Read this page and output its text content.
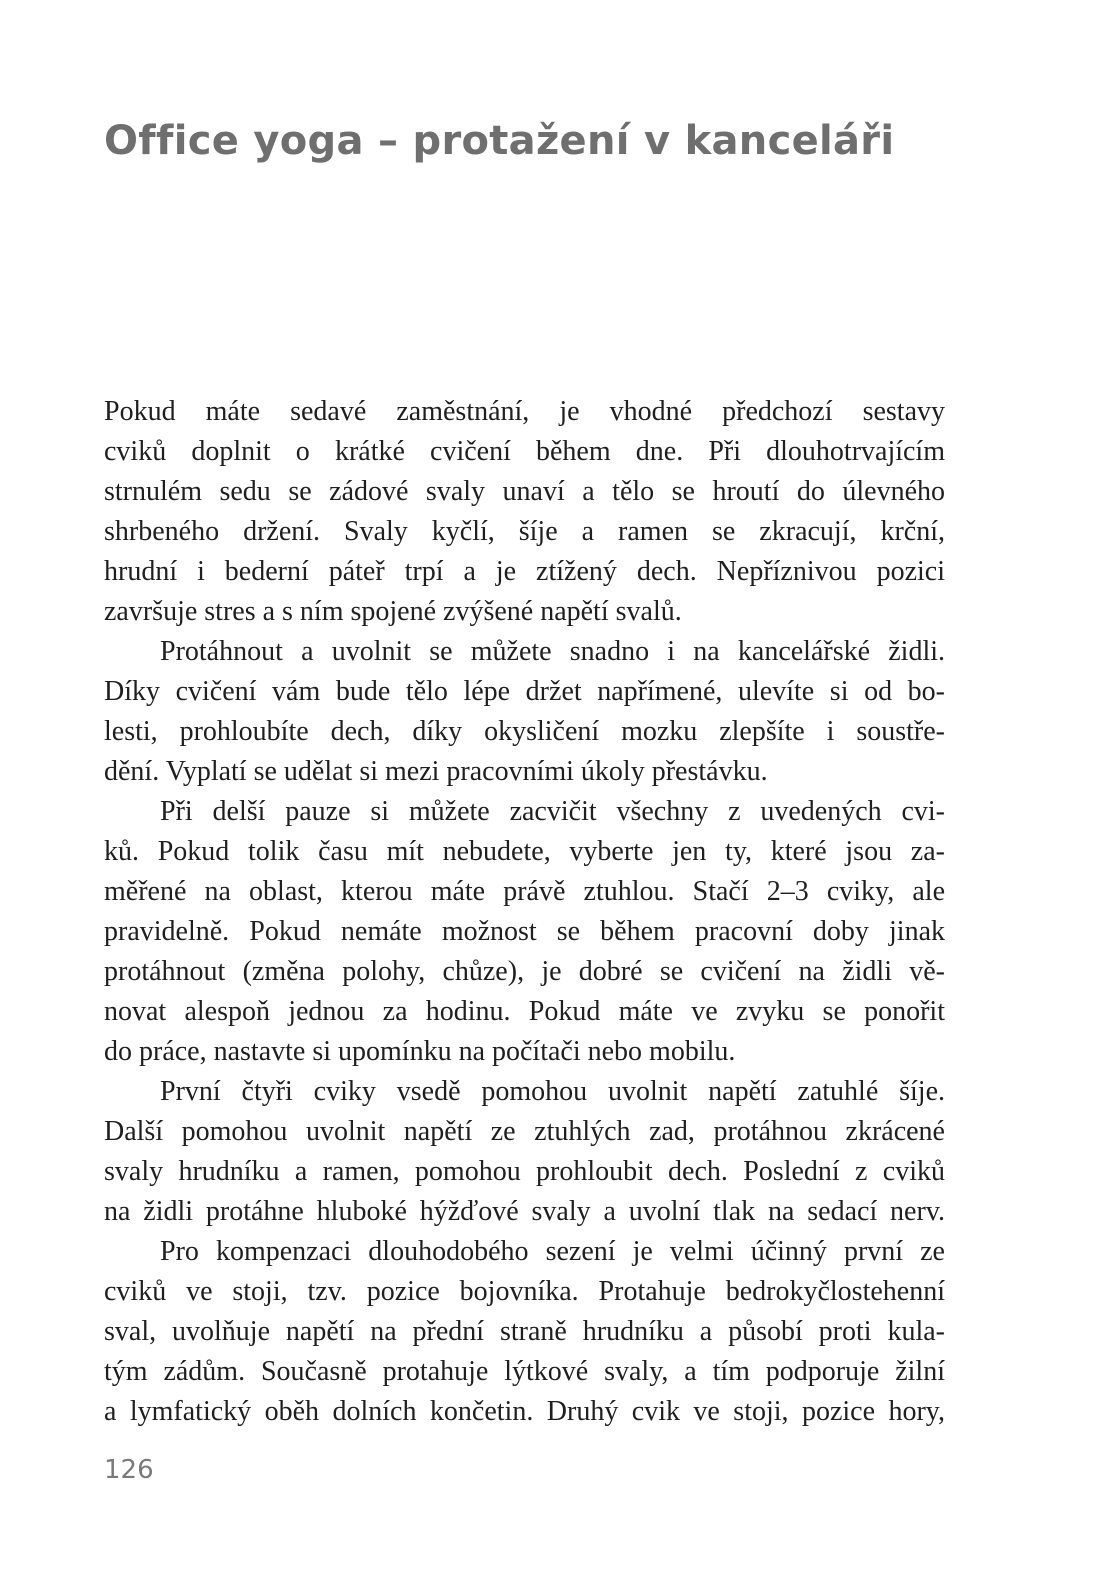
Office yoga – protažení v kanceláři

Pokud máte sedavé zaměstnání, je vhodné předchozí sestavy
cviků doplnit o krátké cvičení během dne. Při dlouhotrvajícím
strnulém sedu se zádové svaly unaví a tělo se hroutí do úlevného
shrbeného držení. Svaly kyčlí, šíje a ramen se zkracují, krční,
hrudní i bederní páteř trpí a je ztížený dech. Nepříznivou pozici
završuje stres a s ním spojené zvýšené napětí svalů.

Protáhnout a uvolnit se můžete snadno i na kancelářské židli.
Díky cvičení vám bude tělo lépe držet napřímené, ulevíte si od bo-
lesti, prohloubíte dech, díky okysličení mozku zlepšíte i soustře-
dění. Vyplatí se udělat si mezi pracovními úkoly přestávku.

Při delší pauze si můžete zacvičit všechny z uvedených cvi-
ků. Pokud tolik času mít nebudete, vyberte jen ty, které jsou za-
měřené na oblast, kterou máte právě ztuhlou. Stačí 2–3 cviky, ale
pravidelně. Pokud nemáte možnost se během pracovní doby jinak
protáhnout (změna polohy, chůze), je dobré se cvičení na židli vě-
novat alespoň jednou za hodinu. Pokud máte ve zvyku se ponořit
do práce, nastavte si upomínku na počítači nebo mobilu.

První čtyři cviky vsedě pomohou uvolnit napětí zatuhlé šíje.
Další pomohou uvolnit napětí ze ztuhlých zad, protáhnou zkrácené
svaly hrudníku a ramen, pomohou prohloubit dech. Poslední z cviků
na židli protáhne hluboké hýžďové svaly a uvolní tlak na sedací nerv.

Pro kompenzaci dlouhodobého sezení je velmi účinný první ze
cviků ve stoji, tzv. pozice bojovníka. Protahuje bedrokyčlostehenní
sval, uvolňuje napětí na přední straně hrudníku a působí proti kula-
tým zádům. Současně protahuje lýtkové svaly, a tím podporuje žilní
a lymfatický oběh dolních končetin. Druhý cvik ve stoji, pozice hory,

126
